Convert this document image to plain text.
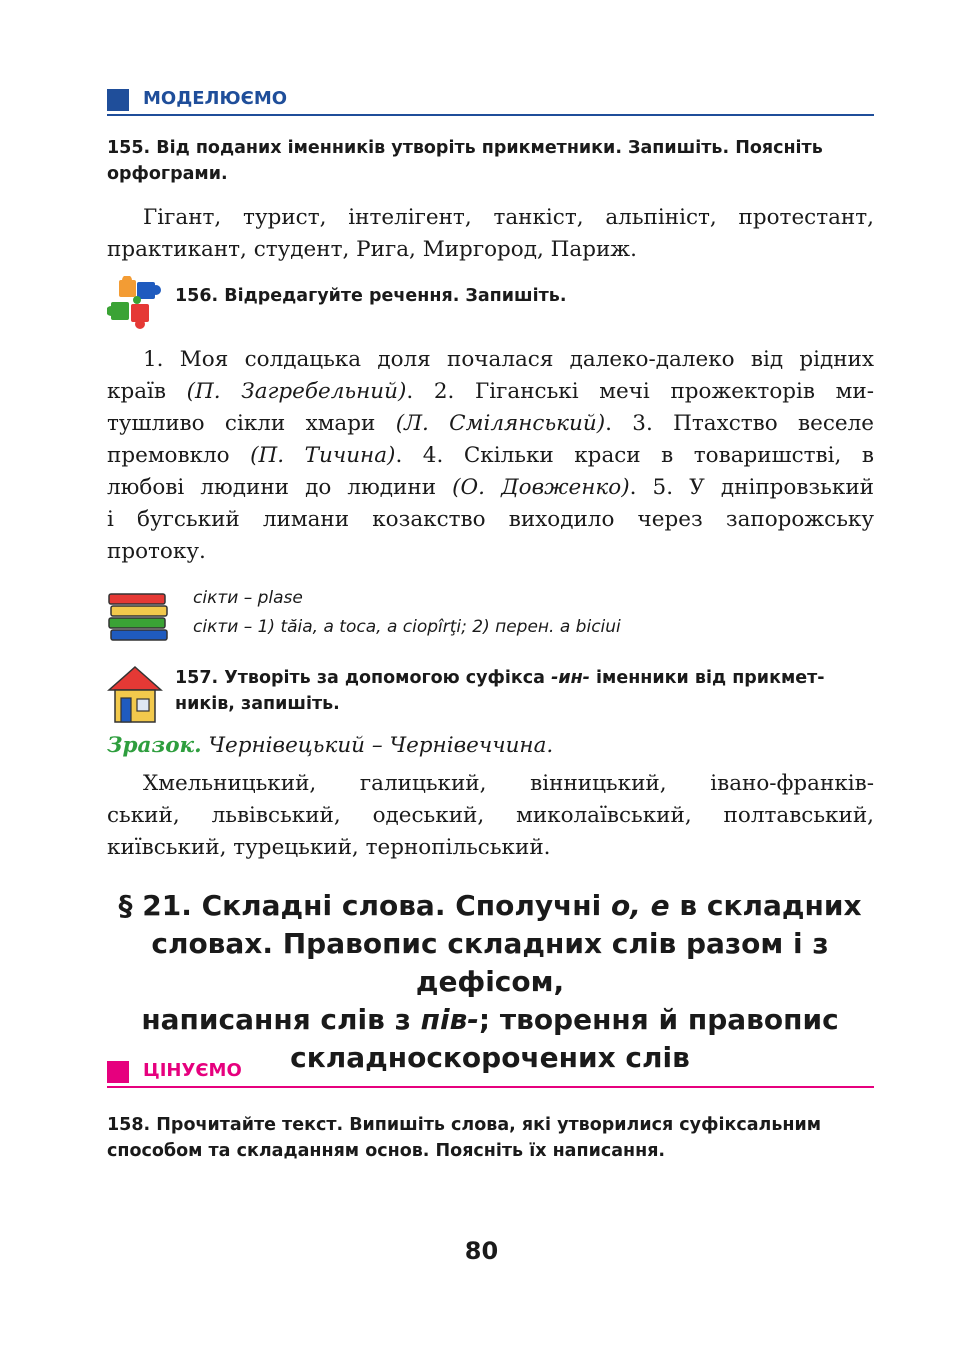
МОДЕЛЮЄМО
155. Від поданих іменників утворіть прикметники. Запишіть. Поясніть
орфограми.
Гігант, турист, інтелігент, танкіст, альпініст, протестант,
практикант, студент, Рига, Миргород, Париж.
156. Відредагуйте речення. Запишіть.
1. Моя солдацька доля почалася далеко-далеко від рідних
країв (П. Загребельний). 2. Гіганські мечі прожекторів ми-
тушливо сікли хмари (Л. Смілянський). 3. Птахство веселе
премовкло (П. Тичина). 4. Скільки краси в товаришстві, в
любові людини до людини (О. Довженко). 5. У дніпровзький
і бугський лимани козакство виходило через запорожську
протоку.
сікти – plase
сікти – 1) tăia, a toca, a ciopîrţi; 2) перен. a biciui
157. Утворіть за допомогою суфікса -ин- іменники від прикмет-
ників, запишіть.
Зразок. Чернівецький – Чернівеччина.
Хмельницький, галицький, вінницький, івано-франків-
ський, львівський, одеський, миколаївський, полтавський,
київський, турецький, тернопільський.
§ 21. Складні слова. Сполучні о, е в складних
словах. Правопис складних слів разом і з дефісом,
написання слів з пів-; творення й правопис
складноскорочених слів
ЦІНУЄМО
158. Прочитайте текст. Випишіть слова, які утворилися суфіксальним
способом та складанням основ. Поясніть їх написання.
80
